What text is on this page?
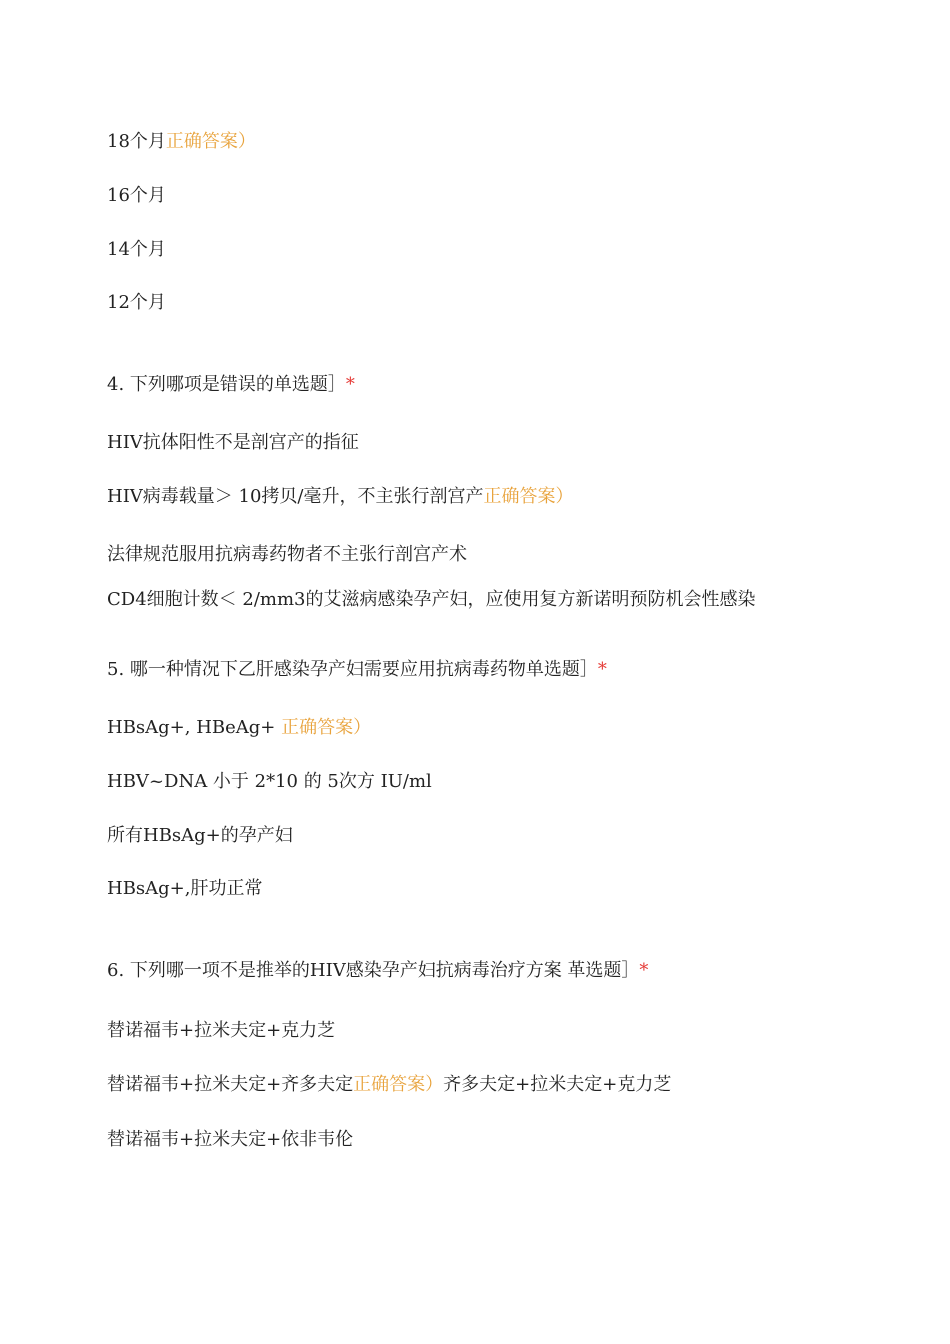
18个月正确答案）
16个月
14个月
12个月
4. 下列哪项是错误的单选题］*
HIV抗体阳性不是剖宫产的指征
HIV病毒载量＞ 10拷贝/毫升，不主张行剖宫产正确答案）
法律规范服用抗病毒药物者不主张行剖宫产术
CD4细胞计数＜ 2/mm3的艾滋病感染孕产妇，应使用复方新诺明预防机会性感染
5. 哪一种情况下乙肝感染孕产妇需要应用抗病毒药物单选题］*
HBsAg+, HBeAg+ 正确答案）
HBV~DNA 小于 2*10 的 5次方 IU/ml
所有HBsAg+的孕产妇
HBsAg+,肝功正常
6. 下列哪一项不是推举的HIV感染孕产妇抗病毒治疗方案 革选题］*
替诺福韦+拉米夫定+克力芝
替诺福韦+拉米夫定+齐多夫定正确答案）齐多夫定+拉米夫定+克力芝
替诺福韦+拉米夫定+依非韦伦
